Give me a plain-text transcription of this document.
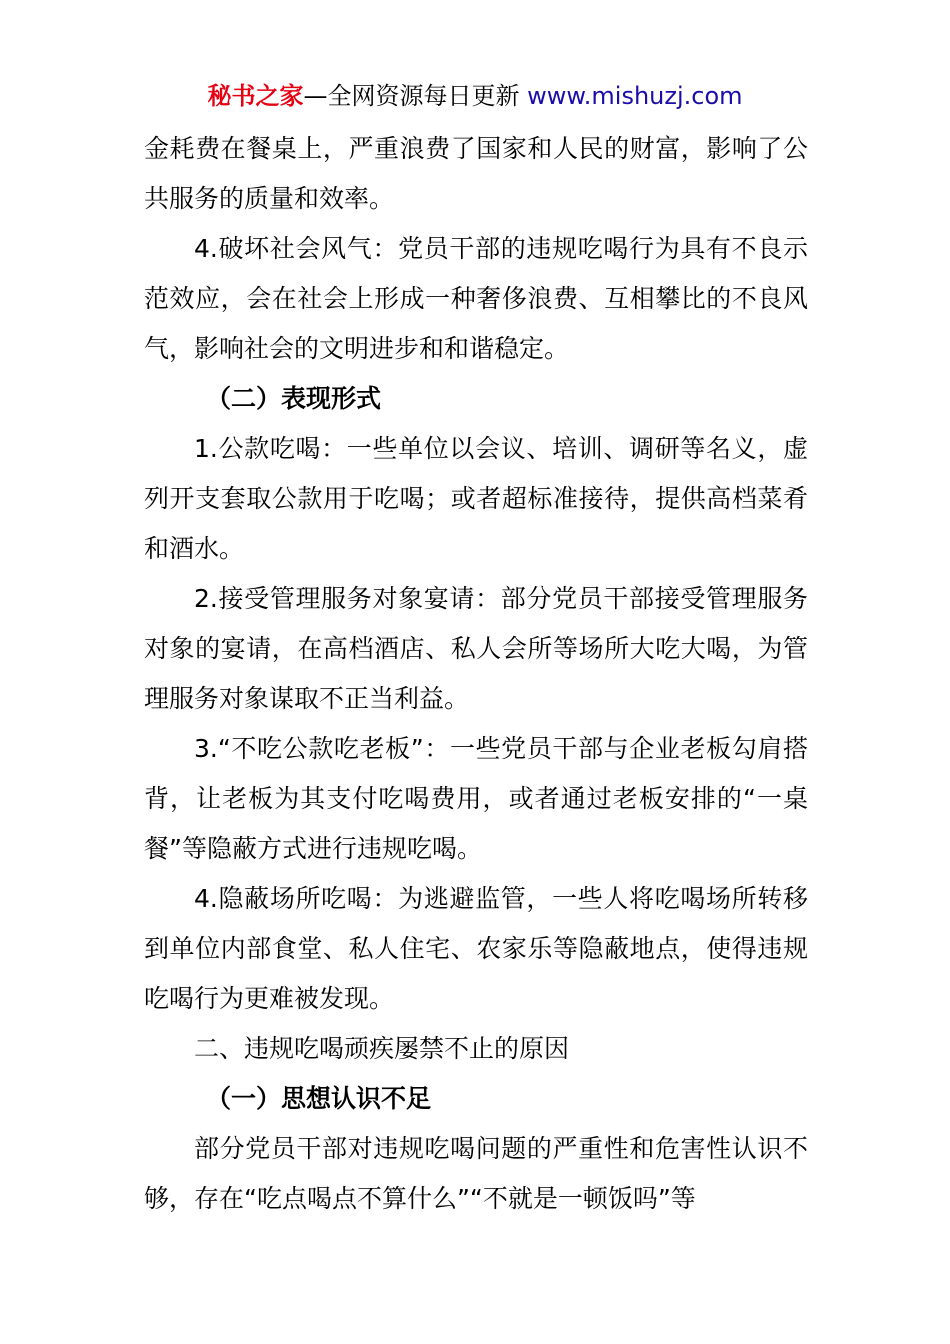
秘书之家—全网资源每日更新 www.mishuzj.com

金耗费在餐桌上，严重浪费了国家和人民的财富，影响了公共服务的质量和效率。

4.破坏社会风气：党员干部的违规吃喝行为具有不良示范效应，会在社会上形成一种奢侈浪费、互相攀比的不良风气，影响社会的文明进步和和谐稳定。

（二）表现形式

1.公款吃喝：一些单位以会议、培训、调研等名义，虚列开支套取公款用于吃喝；或者超标准接待，提供高档菜肴和酒水。

2.接受管理服务对象宴请：部分党员干部接受管理服务对象的宴请，在高档酒店、私人会所等场所大吃大喝，为管理服务对象谋取不正当利益。

3.“不吃公款吃老板”：一些党员干部与企业老板勾肩搭背，让老板为其支付吃喝费用，或者通过老板安排的“一桌餐”等隐蔽方式进行违规吃喝。

4.隐蔽场所吃喝：为逃避监管，一些人将吃喝场所转移到单位内部食堂、私人住宅、农家乐等隐蔽地点，使得违规吃喝行为更难被发现。

二、违规吃喝顽疾屡禁不止的原因

（一）思想认识不足

部分党员干部对违规吃喝问题的严重性和危害性认识不够，存在“吃点喝点不算什么”“不就是一顿饭吗”等
